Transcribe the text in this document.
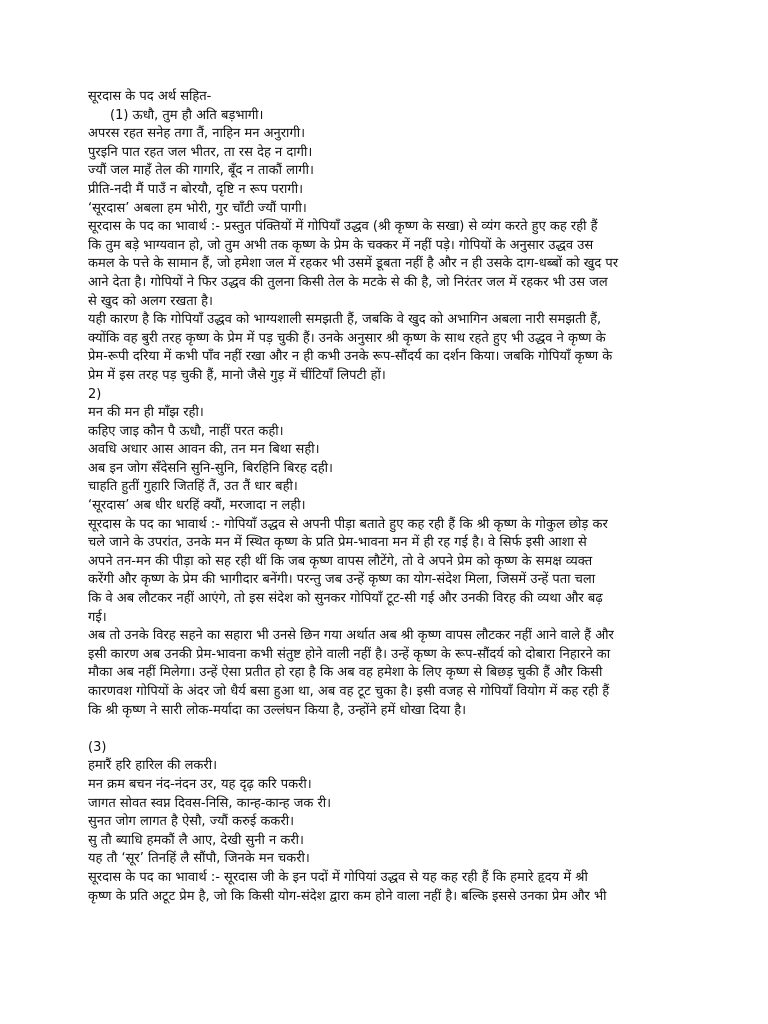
सूरदास के पद अर्थ सहित-
(1) ऊधौ, तुम हौ अति बड़भागी।
अपरस रहत सनेह तगा तैं, नाहिन मन अनुरागी।
पुरइनि पात रहत जल भीतर, ता रस देह न दागी।
ज्यौं जल माहँ तेल की गागरि, बूँद न ताकौं लागी।
प्रीति-नदी मैं पाउँ न बोरयौ, दृष्टि न रूप परागी।
‘सूरदास’ अबला हम भोरी, गुर चाँटी ज्यौं पागी।
सूरदास के पद का भावार्थ :- प्रस्तुत पंक्तियों में गोपियाँ उद्धव (श्री कृष्ण के सखा) से व्यंग करते हुए कह रही हैं
कि तुम बड़े भाग्यवान हो, जो तुम अभी तक कृष्ण के प्रेम के चक्कर में नहीं पड़े। गोपियों के अनुसार उद्धव उस
कमल के पत्ते के सामान हैं, जो हमेशा जल में रहकर भी उसमें डूबता नहीं है और न ही उसके दाग-धब्बों को खुद पर
आने देता है। गोपियों ने फिर उद्धव की तुलना किसी तेल के मटके से की है, जो निरंतर जल में रहकर भी उस जल
से खुद को अलग रखता है।
यही कारण है कि गोपियाँ उद्धव को भाग्यशाली समझती हैं, जबकि वे खुद को अभागिन अबला नारी समझती हैं,
क्योंकि वह बुरी तरह कृष्ण के प्रेम में पड़ चुकी हैं। उनके अनुसार श्री कृष्ण के साथ रहते हुए भी उद्धव ने कृष्ण के
प्रेम-रूपी दरिया में कभी पाँव नहीं रखा और न ही कभी उनके रूप-सौंदर्य का दर्शन किया। जबकि गोपियाँ कृष्ण के
प्रेम में इस तरह पड़ चुकी हैं, मानो जैसे गुड़ में चींटियाँ लिपटी हों।
2)
मन की मन ही माँझ रही।
कहिए जाइ कौन पै ऊधौ, नाहीं परत कही।
अवधि अधार आस आवन की, तन मन बिथा सही।
अब इन जोग सँदेसनि सुनि-सुनि, बिरहिनि बिरह दही।
चाहति हुतीं गुहारि जितहिं तैं, उत तैं धार बही।
‘सूरदास’ अब धीर धरहिं क्यौं, मरजादा न लही।
सूरदास के पद का भावार्थ :- गोपियाँ उद्धव से अपनी पीड़ा बताते हुए कह रही हैं कि श्री कृष्ण के गोकुल छोड़ कर
चले जाने के उपरांत, उनके मन में स्थित कृष्ण के प्रति प्रेम-भावना मन में ही रह गई है। वे सिर्फ इसी आशा से
अपने तन-मन की पीड़ा को सह रही थीं कि जब कृष्ण वापस लौटेंगे, तो वे अपने प्रेम को कृष्ण के समक्ष व्यक्त
करेंगी और कृष्ण के प्रेम की भागीदार बनेंगी। परन्तु जब उन्हें कृष्ण का योग-संदेश मिला, जिसमें उन्हें पता चला
कि वे अब लौटकर नहीं आएंगे, तो इस संदेश को सुनकर गोपियाँ टूट-सी गई और उनकी विरह की व्यथा और बढ़
गई।
अब तो उनके विरह सहने का सहारा भी उनसे छिन गया अर्थात अब श्री कृष्ण वापस लौटकर नहीं आने वाले हैं और
इसी कारण अब उनकी प्रेम-भावना कभी संतुष्ट होने वाली नहीं है। उन्हें कृष्ण के रूप-सौंदर्य को दोबारा निहारने का
मौका अब नहीं मिलेगा। उन्हें ऐसा प्रतीत हो रहा है कि अब वह हमेशा के लिए कृष्ण से बिछड़ चुकी हैं और किसी
कारणवश गोपियों के अंदर जो धैर्य बसा हुआ था, अब वह टूट चुका है। इसी वजह से गोपियाँ वियोग में कह रही हैं
कि श्री कृष्ण ने सारी लोक-मर्यादा का उल्लंघन किया है, उन्होंने हमें धोखा दिया है।
(3)
हमारैं हरि हारिल की लकरी।
मन क्रम बचन नंद-नंदन उर, यह दृढ़ करि पकरी।
जागत सोवत स्वप्न दिवस-निसि, कान्ह-कान्ह जक री।
सुनत जोग लागत है ऐसौ, ज्यौं करुई ककरी।
सु तौ ब्याधि हमकौं लै आए, देखी सुनी न करी।
यह तौ ‘सूर’ तिनहिं लै सौंपौ, जिनके मन चकरी।
सूरदास के पद का भावार्थ :- सूरदास जी के इन पदों में गोपियां उद्धव से यह कह रही हैं कि हमारे हृदय में श्री
कृष्ण के प्रति अटूट प्रेम है, जो कि किसी योग-संदेश द्वारा कम होने वाला नहीं है। बल्कि इससे उनका प्रेम और भी
